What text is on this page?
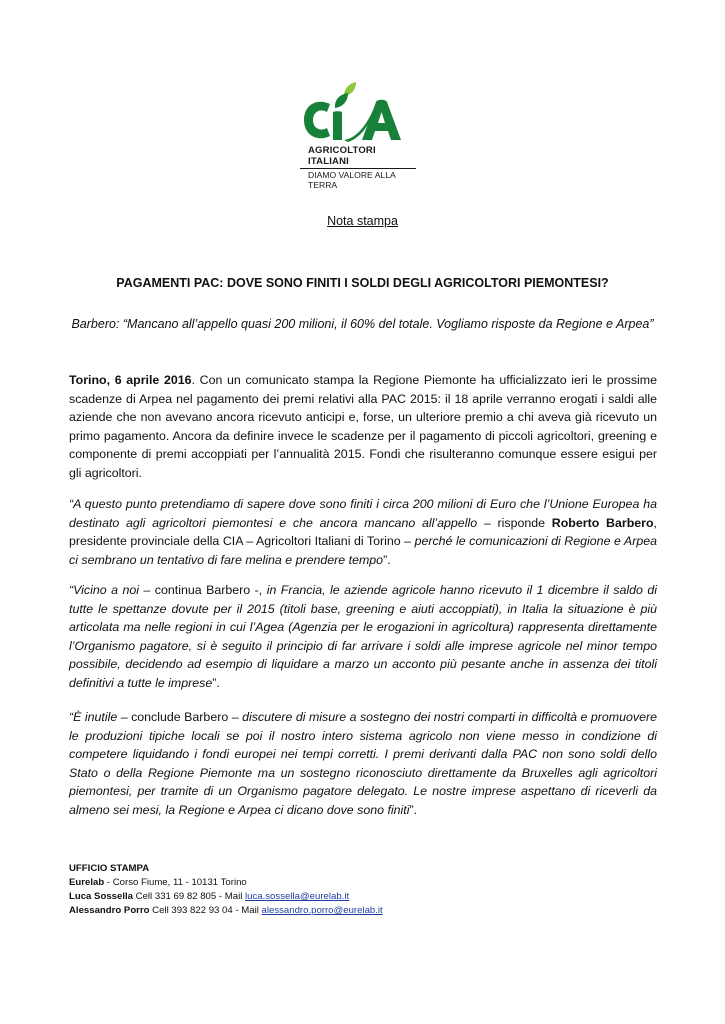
AGRICOLTORI ITALIANI
DIAMO VALORE ALLA TERRA
Nota stampa
PAGAMENTI PAC: DOVE SONO FINITI I SOLDI DEGLI AGRICOLTORI PIEMONTESI?
Barbero: “Mancano all’appello quasi 200 milioni, il 60% del totale. Vogliamo risposte da Regione e Arpea”
Torino, 6 aprile 2016. Con un comunicato stampa la Regione Piemonte ha ufficializzato ieri le prossime scadenze di Arpea nel pagamento dei premi relativi alla PAC 2015: il 18 aprile verranno erogati i saldi alle aziende che non avevano ancora ricevuto anticipi e, forse, un ulteriore premio a chi aveva già ricevuto un primo pagamento. Ancora da definire invece le scadenze per il pagamento di piccoli agricoltori, greening e componente di premi accoppiati per l’annualità 2015. Fondi che risulteranno comunque essere esigui per gli agricoltori.
“A questo punto pretendiamo di sapere dove sono finiti i circa 200 milioni di Euro che l’Unione Europea ha destinato agli agricoltori piemontesi e che ancora mancano all’appello – risponde Roberto Barbero, presidente provinciale della CIA – Agricoltori Italiani di Torino – perché le comunicazioni di Regione e Arpea ci sembrano un tentativo di fare melina e prendere tempo”.
“Vicino a noi – continua Barbero -, in Francia, le aziende agricole hanno ricevuto il 1 dicembre il saldo di tutte le spettanze dovute per il 2015 (titoli base, greening e aiuti accoppiati), in Italia la situazione è più articolata ma nelle regioni in cui l’Agea (Agenzia per le erogazioni in agricoltura) rappresenta direttamente l’Organismo pagatore, si è seguito il principio di far arrivare i soldi alle imprese agricole nel minor tempo possibile, decidendo ad esempio di liquidare a marzo un acconto più pesante anche in assenza dei titoli definitivi a tutte le imprese”.
“È inutile – conclude Barbero – discutere di misure a sostegno dei nostri comparti in difficoltà e promuovere le produzioni tipiche locali se poi il nostro intero sistema agricolo non viene messo in condizione di competere liquidando i fondi europei nei tempi corretti. I premi derivanti dalla PAC non sono soldi dello Stato o della Regione Piemonte ma un sostegno riconosciuto direttamente da Bruxelles agli agricoltori piemontesi, per tramite di un Organismo pagatore delegato. Le nostre imprese aspettano di riceverli da almeno sei mesi, la Regione e Arpea ci dicano dove sono finiti”.
UFFICIO STAMPA
Eurelab - Corso Fiume, 11 - 10131 Torino
Luca Sossella Cell 331 69 82 805 - Mail luca.sossella@eurelab.it
Alessandro Porro Cell 393 822 93 04 - Mail alessandro.porro@eurelab.it
